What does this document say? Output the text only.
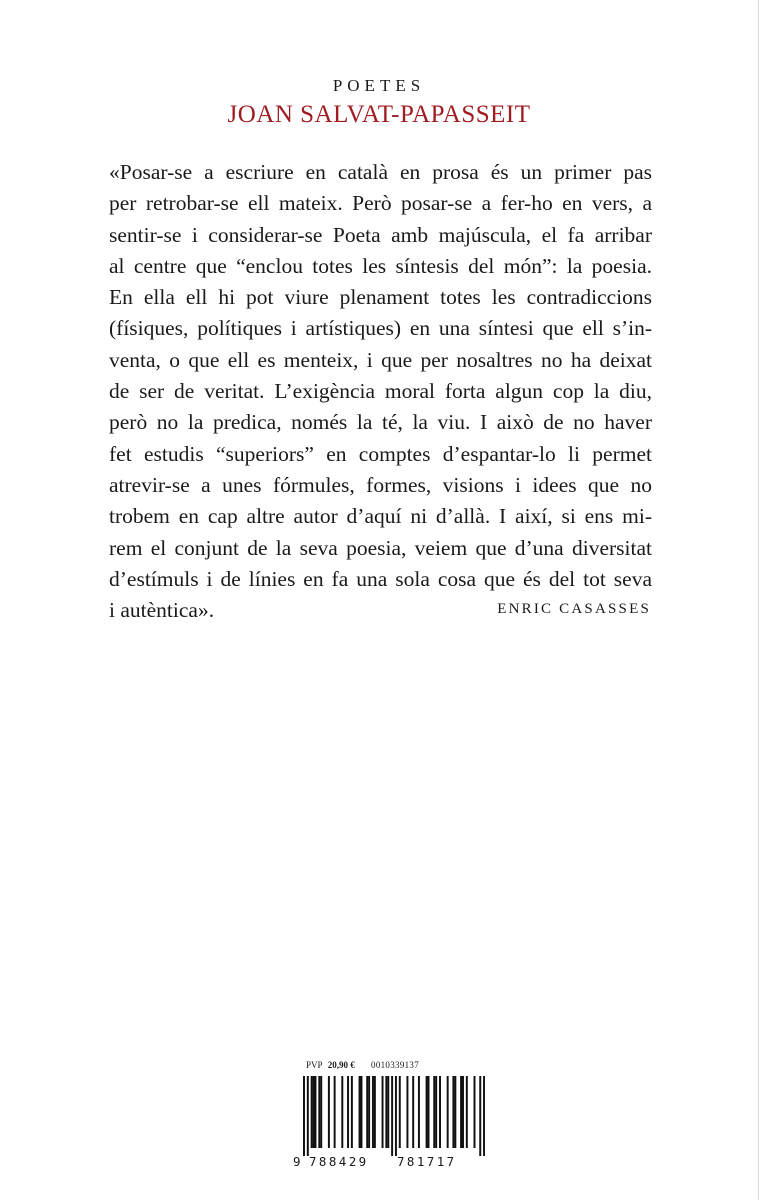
POETES
JOAN SALVAT-PAPASSEIT
«Posar-se a escriure en català en prosa és un primer pas
per retrobar-se ell mateix. Però posar-se a fer-ho en vers, a
sentir-se i considerar-se Poeta amb majúscula, el fa arribar
al centre que “enclou totes les síntesis del món”: la poesia.
En ella ell hi pot viure plenament totes les contradiccions
(físiques, polítiques i artístiques) en una síntesi que ell s’in-
venta, o que ell es menteix, i que per nosaltres no ha deixat
de ser de veritat. L’exigència moral forta algun cop la diu,
però no la predica, només la té, la viu. I això de no haver
fet estudis “superiors” en comptes d’espantar-lo li permet
atrevir-se a unes fórmules, formes, visions i idees que no
trobem en cap altre autor d’aquí ni d’allà. I així, si ens mi-
rem el conjunt de la seva poesia, veiem que d’una diversitat
d’estímuls i de línies en fa una sola cosa que és del tot seva
i autèntica».	ENRIC CASASSES
PVP 20,90 € 0010339137
9 788429 781717
